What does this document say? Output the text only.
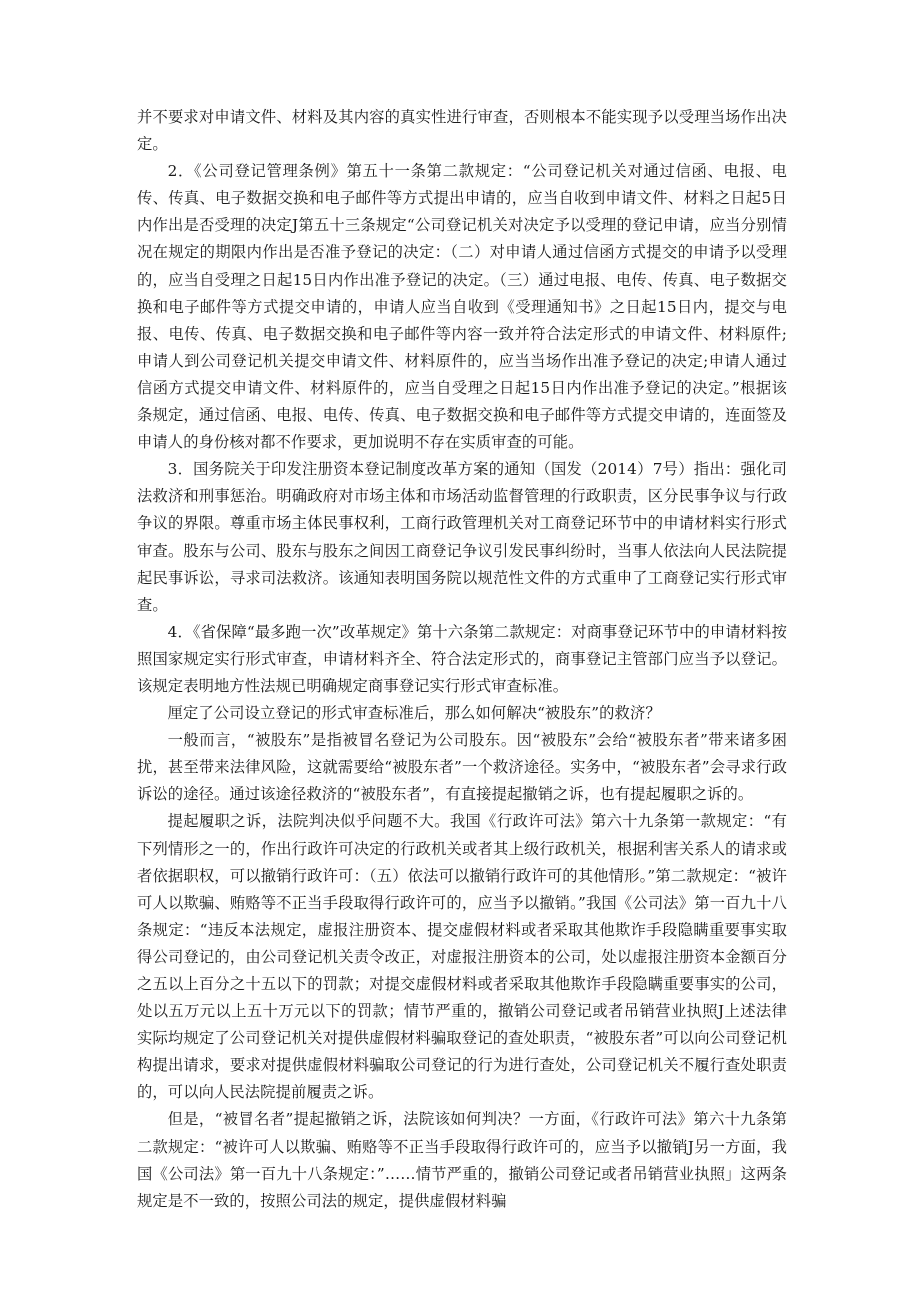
并不要求对申请文件、材料及其内容的真实性进行审查，否则根本不能实现予以受理当场作出决定。

2．《公司登记管理条例》第五十一条第二款规定：“公司登记机关对通过信函、电报、电传、传真、电子数据交换和电子邮件等方式提出申请的，应当自收到申请文件、材料之日起5日内作出是否受理的决定J第五十三条规定“公司登记机关对决定予以受理的登记申请，应当分别情况在规定的期限内作出是否准予登记的决定：（二）对申请人通过信函方式提交的申请予以受理的，应当自受理之日起15日内作出准予登记的决定。（三）通过电报、电传、传真、电子数据交换和电子邮件等方式提交申请的，申请人应当自收到《受理通知书》之日起15日内，提交与电报、电传、传真、电子数据交换和电子邮件等内容一致并符合法定形式的申请文件、材料原件;申请人到公司登记机关提交申请文件、材料原件的，应当当场作出准予登记的决定;申请人通过信函方式提交申请文件、材料原件的，应当自受理之日起15日内作出准予登记的决定。”根据该条规定，通过信函、电报、电传、传真、电子数据交换和电子邮件等方式提交申请的，连面签及申请人的身份核对都不作要求，更加说明不存在实质审查的可能。

3．国务院关于印发注册资本登记制度改革方案的通知（国发（2014）7号）指出：强化司法救济和刑事惩治。明确政府对市场主体和市场活动监督管理的行政职责，区分民事争议与行政争议的界限。尊重市场主体民事权利，工商行政管理机关对工商登记环节中的申请材料实行形式审查。股东与公司、股东与股东之间因工商登记争议引发民事纠纷时，当事人依法向人民法院提起民事诉讼，寻求司法救济。该通知表明国务院以规范性文件的方式重申了工商登记实行形式审查。

4．《省保障“最多跑一次”改革规定》第十六条第二款规定：对商事登记环节中的申请材料按照国家规定实行形式审查，申请材料齐全、符合法定形式的，商事登记主管部门应当予以登记。该规定表明地方性法规已明确规定商事登记实行形式审查标准。

厘定了公司设立登记的形式审查标准后，那么如何解决“被股东”的救济？

一般而言，“被股东”是指被冒名登记为公司股东。因“被股东”会给“被股东者”带来诸多困扰，甚至带来法律风险，这就需要给“被股东者”一个救济途径。实务中，“被股东者”会寻求行政诉讼的途径。通过该途径救济的“被股东者”，有直接提起撤销之诉，也有提起履职之诉的。

提起履职之诉，法院判决似乎问题不大。我国《行政许可法》第六十九条第一款规定：“有下列情形之一的，作出行政许可决定的行政机关或者其上级行政机关，根据利害关系人的请求或者依据职权，可以撤销行政许可：（五）依法可以撤销行政许可的其他情形。”第二款规定：“被许可人以欺骗、贿赂等不正当手段取得行政许可的，应当予以撤销。”我国《公司法》第一百九十八条规定：“违反本法规定，虚报注册资本、提交虚假材料或者采取其他欺诈手段隐瞒重要事实取得公司登记的，由公司登记机关责令改正，对虚报注册资本的公司，处以虚报注册资本金额百分之五以上百分之十五以下的罚款；对提交虚假材料或者采取其他欺诈手段隐瞒重要事实的公司，处以五万元以上五十万元以下的罚款；情节严重的，撤销公司登记或者吊销营业执照J上述法律实际均规定了公司登记机关对提供虚假材料骗取登记的查处职责，“被股东者”可以向公司登记机构提出请求，要求对提供虚假材料骗取公司登记的行为进行查处，公司登记机关不履行查处职责的，可以向人民法院提前履责之诉。

但是，“被冒名者”提起撤销之诉，法院该如何判决？一方面，《行政许可法》第六十九条第二款规定：“被许可人以欺骗、贿赂等不正当手段取得行政许可的，应当予以撤销J另一方面，我国《公司法》第一百九十八条规定：”……情节严重的，撤销公司登记或者吊销营业执照」这两条规定是不一致的，按照公司法的规定，提供虚假材料骗
